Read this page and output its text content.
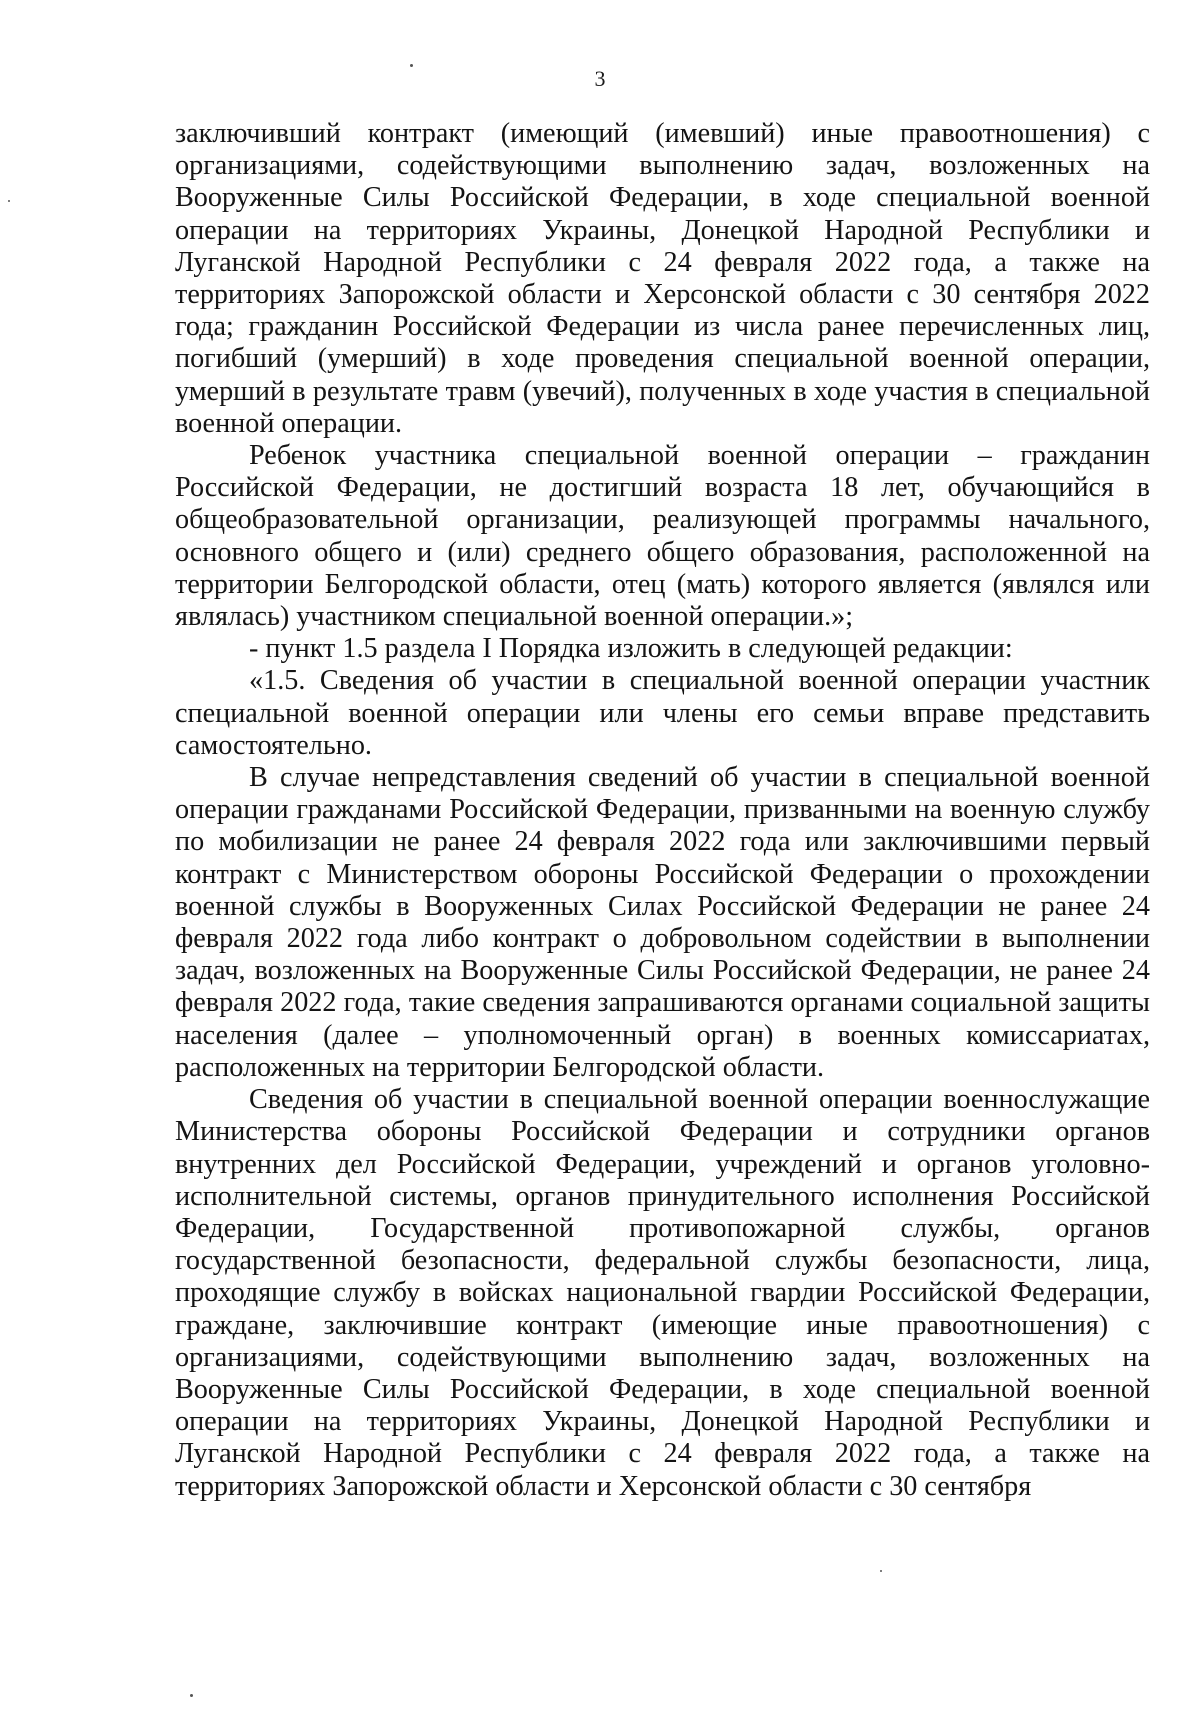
3

заключивший контракт (имеющий (имевший) иные правоотношения) с организациями, содействующими выполнению задач, возложенных на Вооруженные Силы Российской Федерации, в ходе специальной военной операции на территориях Украины, Донецкой Народной Республики и Луганской Народной Республики с 24 февраля 2022 года, а также на территориях Запорожской области и Херсонской области с 30 сентября 2022 года; гражданин Российской Федерации из числа ранее перечисленных лиц, погибший (умерший) в ходе проведения специальной военной операции, умерший в результате травм (увечий), полученных в ходе участия в специальной военной операции.

Ребенок участника специальной военной операции – гражданин Российской Федерации, не достигший возраста 18 лет, обучающийся в общеобразовательной организации, реализующей программы начального, основного общего и (или) среднего общего образования, расположенной на территории Белгородской области, отец (мать) которого является (являлся или являлась) участником специальной военной операции.»;

- пункт 1.5 раздела I Порядка изложить в следующей редакции:

«1.5. Сведения об участии в специальной военной операции участник специальной военной операции или члены его семьи вправе представить самостоятельно.

В случае непредставления сведений об участии в специальной военной операции гражданами Российской Федерации, призванными на военную службу по мобилизации не ранее 24 февраля 2022 года или заключившими первый контракт с Министерством обороны Российской Федерации о прохождении военной службы в Вооруженных Силах Российской Федерации не ранее 24 февраля 2022 года либо контракт о добровольном содействии в выполнении задач, возложенных на Вооруженные Силы Российской Федерации, не ранее 24 февраля 2022 года, такие сведения запрашиваются органами социальной защиты населения (далее – уполномоченный орган) в военных комиссариатах, расположенных на территории Белгородской области.

Сведения об участии в специальной военной операции военнослужащие Министерства обороны Российской Федерации и сотрудники органов внутренних дел Российской Федерации, учреждений и органов уголовно-исполнительной системы, органов принудительного исполнения Российской Федерации, Государственной противопожарной службы, органов государственной безопасности, федеральной службы безопасности, лица, проходящие службу в войсках национальной гвардии Российской Федерации, граждане, заключившие контракт (имеющие иные правоотношения) с организациями, содействующими выполнению задач, возложенных на Вооруженные Силы Российской Федерации, в ходе специальной военной операции на территориях Украины, Донецкой Народной Республики и Луганской Народной Республики с 24 февраля 2022 года, а также на территориях Запорожской области и Херсонской области с 30 сентября
